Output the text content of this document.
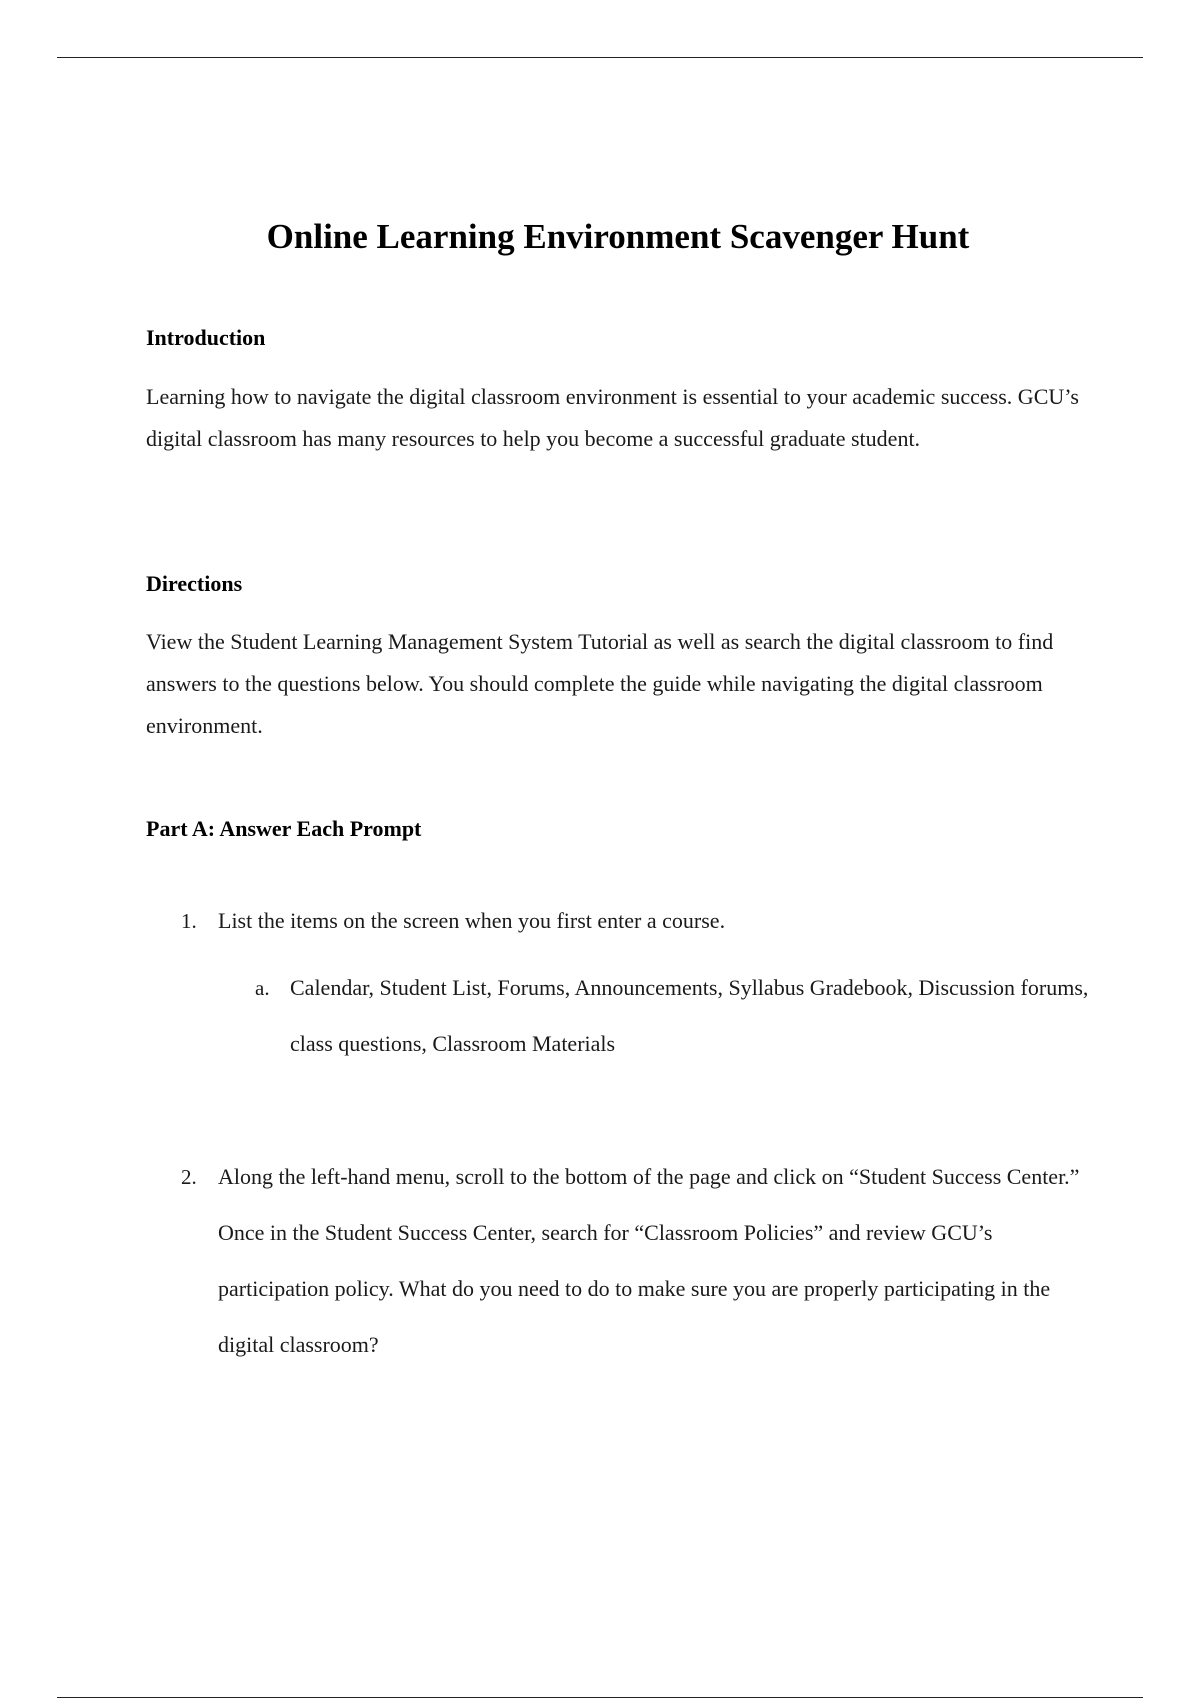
Online Learning Environment Scavenger Hunt
Introduction

Learning how to navigate the digital classroom environment is essential to your academic success. GCU’s digital classroom has many resources to help you become a successful graduate student.

Directions

View the Student Learning Management System Tutorial as well as search the digital classroom to find answers to the questions below. You should complete the guide while navigating the digital classroom environment.

Part A: Answer Each Prompt
1. List the items on the screen when you first enter a course.
a. Calendar, Student List, Forums, Announcements, Syllabus Gradebook, Discussion forums, class questions, Classroom Materials
2. Along the left-hand menu, scroll to the bottom of the page and click on “Student Success Center.” Once in the Student Success Center, search for “Classroom Policies” and review GCU’s participation policy. What do you need to do to make sure you are properly participating in the digital classroom?
